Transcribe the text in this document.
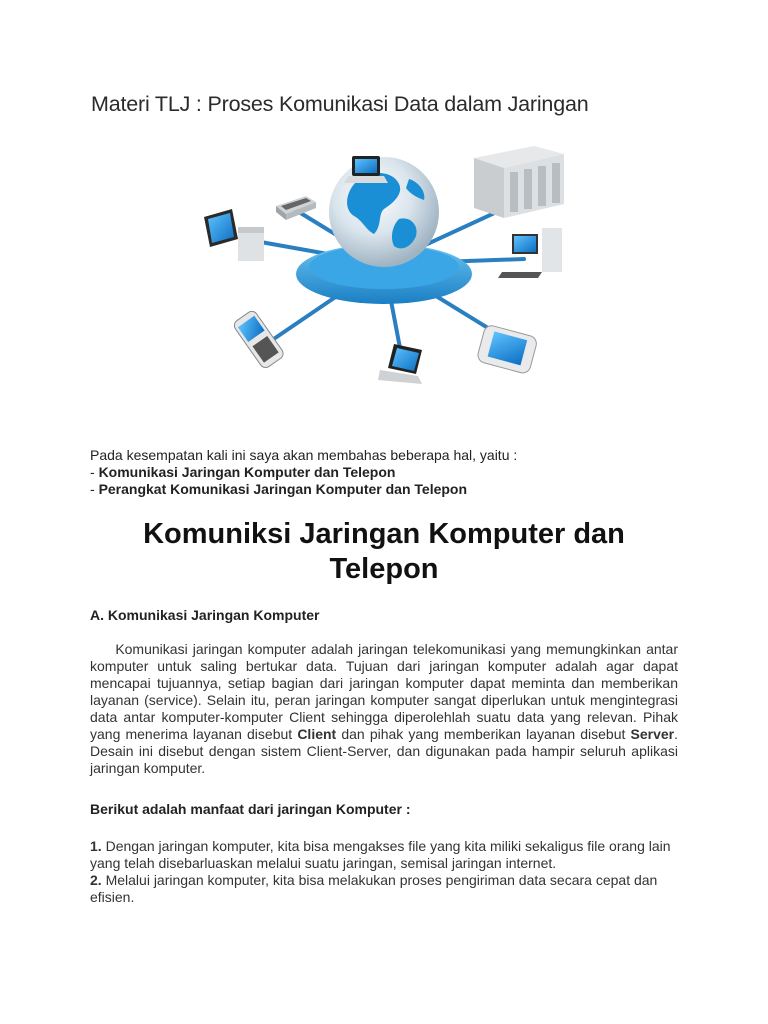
Materi TLJ : Proses Komunikasi Data dalam Jaringan
Pada kesempatan kali ini saya akan membahas beberapa hal, yaitu :
- Komunikasi Jaringan Komputer dan Telepon
- Perangkat Komunikasi Jaringan Komputer dan Telepon
Komuniksi Jaringan Komputer dan Telepon
A. Komunikasi Jaringan Komputer
Komunikasi jaringan komputer adalah jaringan telekomunikasi yang memungkinkan antar komputer untuk saling bertukar data. Tujuan dari jaringan komputer adalah agar dapat mencapai tujuannya, setiap bagian dari jaringan komputer dapat meminta dan memberikan layanan (service). Selain itu, peran jaringan komputer sangat diperlukan untuk mengintegrasi data antar komputer-komputer Client sehingga diperolehlah suatu data yang relevan. Pihak yang menerima layanan disebut Client dan pihak yang memberikan layanan disebut Server. Desain ini disebut dengan sistem Client-Server, dan digunakan pada hampir seluruh aplikasi jaringan komputer.
Berikut adalah manfaat dari jaringan Komputer :

1. Dengan jaringan komputer, kita bisa mengakses file yang kita miliki sekaligus file orang lain yang telah disebarluaskan melalui suatu jaringan, semisal jaringan internet.

2. Melalui jaringan komputer, kita bisa melakukan proses pengiriman data secara cepat dan efisien.
